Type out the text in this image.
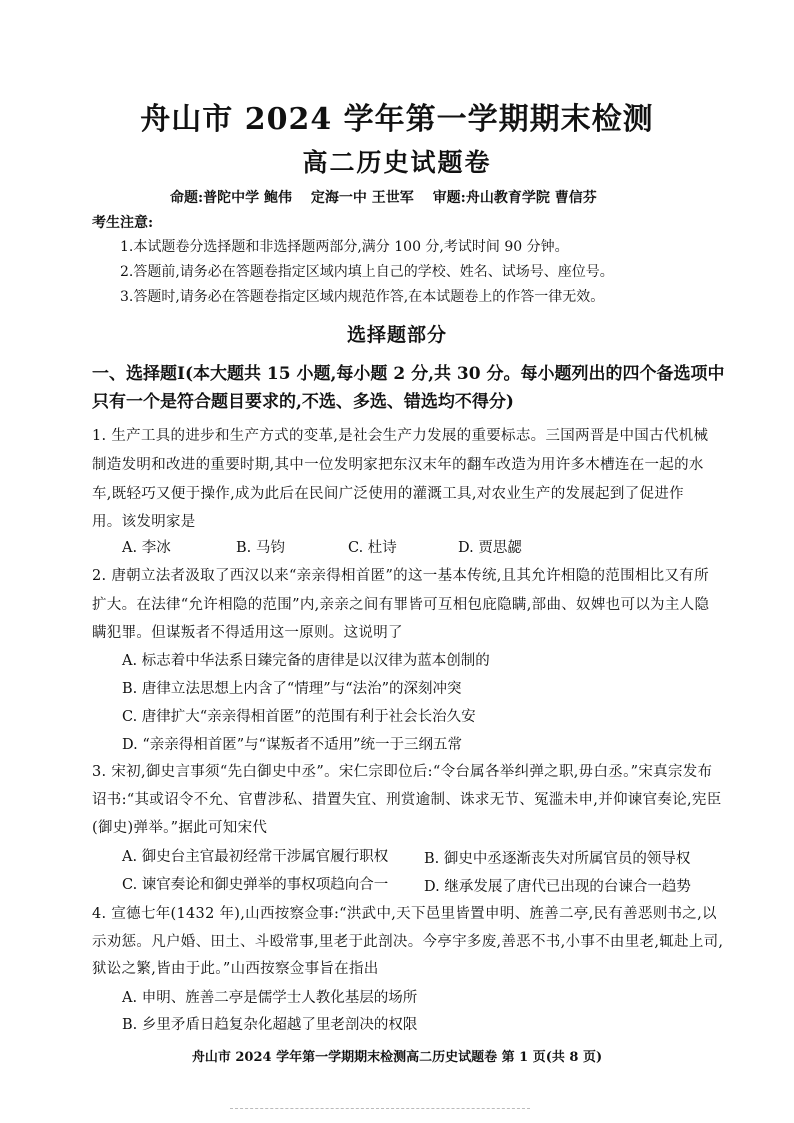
舟山市 2024 学年第一学期期末检测
高二历史试题卷
命题:普陀中学 鲍伟 定海一中 王世军 审题:舟山教育学院 曹信芬
考生注意:
1.本试题卷分选择题和非选择题两部分,满分 100 分,考试时间 90 分钟。
2.答题前,请务必在答题卷指定区域内填上自己的学校、姓名、试场号、座位号。
3.答题时,请务必在答题卷指定区域内规范作答,在本试题卷上的作答一律无效。
选择题部分
一、选择题Ⅰ(本大题共 15 小题,每小题 2 分,共 30 分。每小题列出的四个备选项中
只有一个是符合题目要求的,不选、多选、错选均不得分)
1. 生产工具的进步和生产方式的变革,是社会生产力发展的重要标志。三国两晋是中国古代机械
制造发明和改进的重要时期,其中一位发明家把东汉末年的翻车改造为用许多木槽连在一起的水
车,既轻巧又便于操作,成为此后在民间广泛使用的灌溉工具,对农业生产的发展起到了促进作
用。该发明家是
A. 李冰	B. 马钧	C. 杜诗	D. 贾思勰
2. 唐朝立法者汲取了西汉以来“亲亲得相首匿”的这一基本传统,且其允许相隐的范围相比又有所
扩大。在法律“允许相隐的范围”内,亲亲之间有罪皆可互相包庇隐瞒,部曲、奴婢也可以为主人隐
瞒犯罪。但谋叛者不得适用这一原则。这说明了
A. 标志着中华法系日臻完备的唐律是以汉律为蓝本创制的
B. 唐律立法思想上内含了“情理”与“法治”的深刻冲突
C. 唐律扩大“亲亲得相首匿”的范围有利于社会长治久安
D. “亲亲得相首匿”与“谋叛者不适用”统一于三纲五常
3. 宋初,御史言事须“先白御史中丞”。宋仁宗即位后:“令台属各举纠弹之职,毋白丞。”宋真宗发布
诏书:“其或诏令不允、官曹涉私、措置失宜、刑赏逾制、诛求无节、冤滥未申,并仰谏官奏论,宪臣
(御史)弹举。”据此可知宋代
A. 御史台主官最初经常干涉属官履行职权 B. 御史中丞逐渐丧失对所属官员的领导权
C. 谏官奏论和御史弹举的事权项趋向合一 D. 继承发展了唐代已出现的台谏合一趋势
4. 宣德七年(1432 年),山西按察佥事:“洪武中,天下邑里皆置申明、旌善二亭,民有善恶则书之,以
示劝惩。凡户婚、田土、斗殴常事,里老于此剖决。今亭宇多废,善恶不书,小事不由里老,辄赴上司,
狱讼之繁,皆由于此。”山西按察佥事旨在指出
A. 申明、旌善二亭是儒学士人教化基层的场所
B. 乡里矛盾日趋复杂化超越了里老剖决的权限
舟山市 2024 学年第一学期期末检测高二历史试题卷 第 1 页(共 8 页)
